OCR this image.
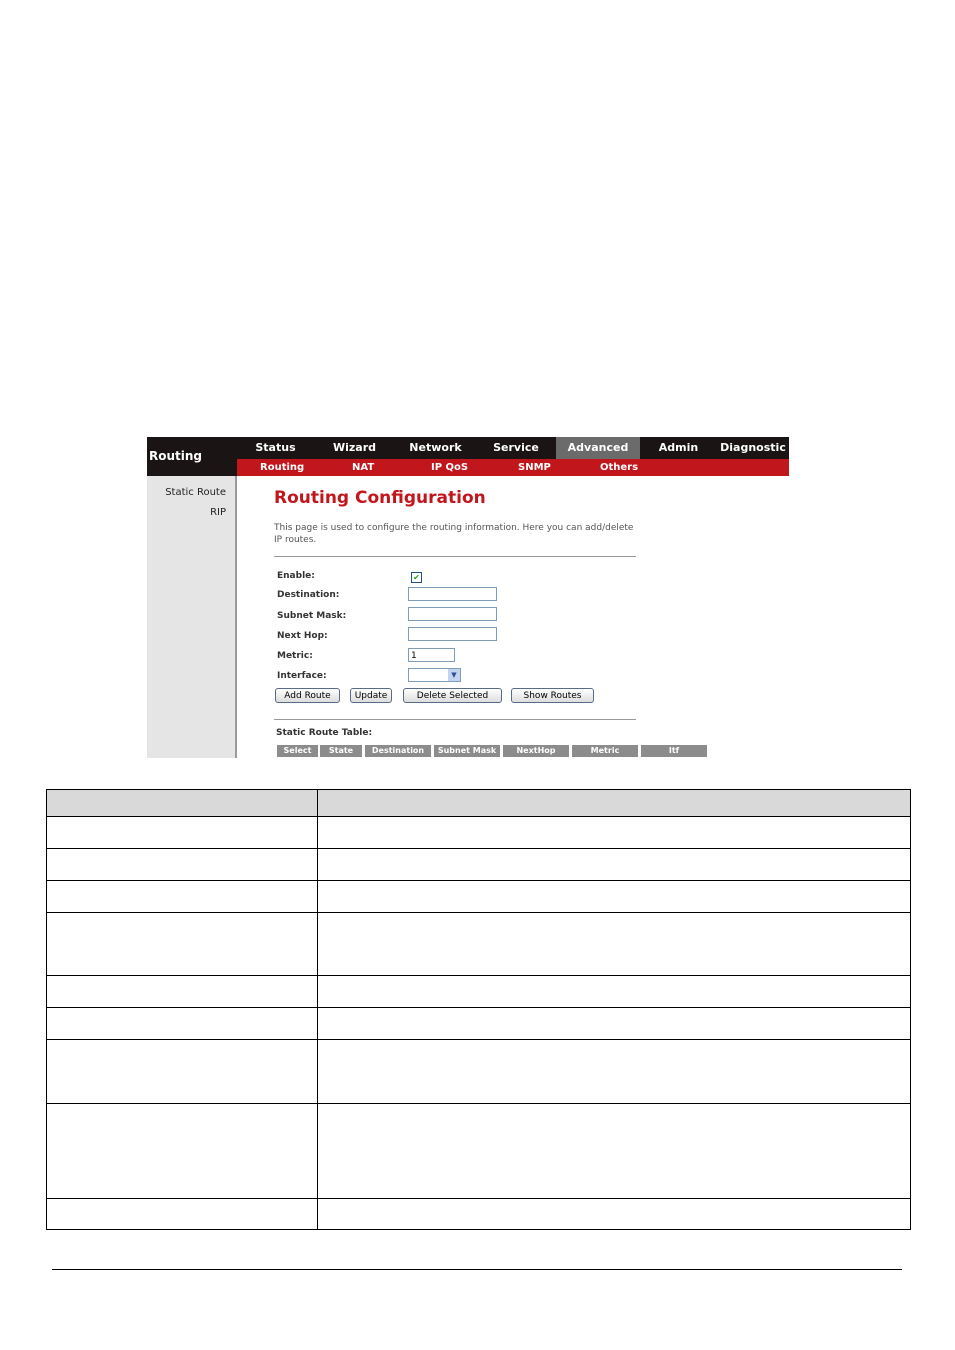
Routing
Status	Wizard	Network	Service	Advanced	Admin	Diagnostic
Routing	NAT	IP QoS	SNMP	Others
Static Route
RIP
Routing Configuration
This page is used to configure the routing information. Here you can add/delete IP routes.
Enable:	✔
Destination:
Subnet Mask:
Next Hop:
Metric:	1
Interface:	▼
Add Route	Update	Delete Selected	Show Routes
Static Route Table:
Select	State	Destination	Subnet Mask	NextHop	Metric	Itf
